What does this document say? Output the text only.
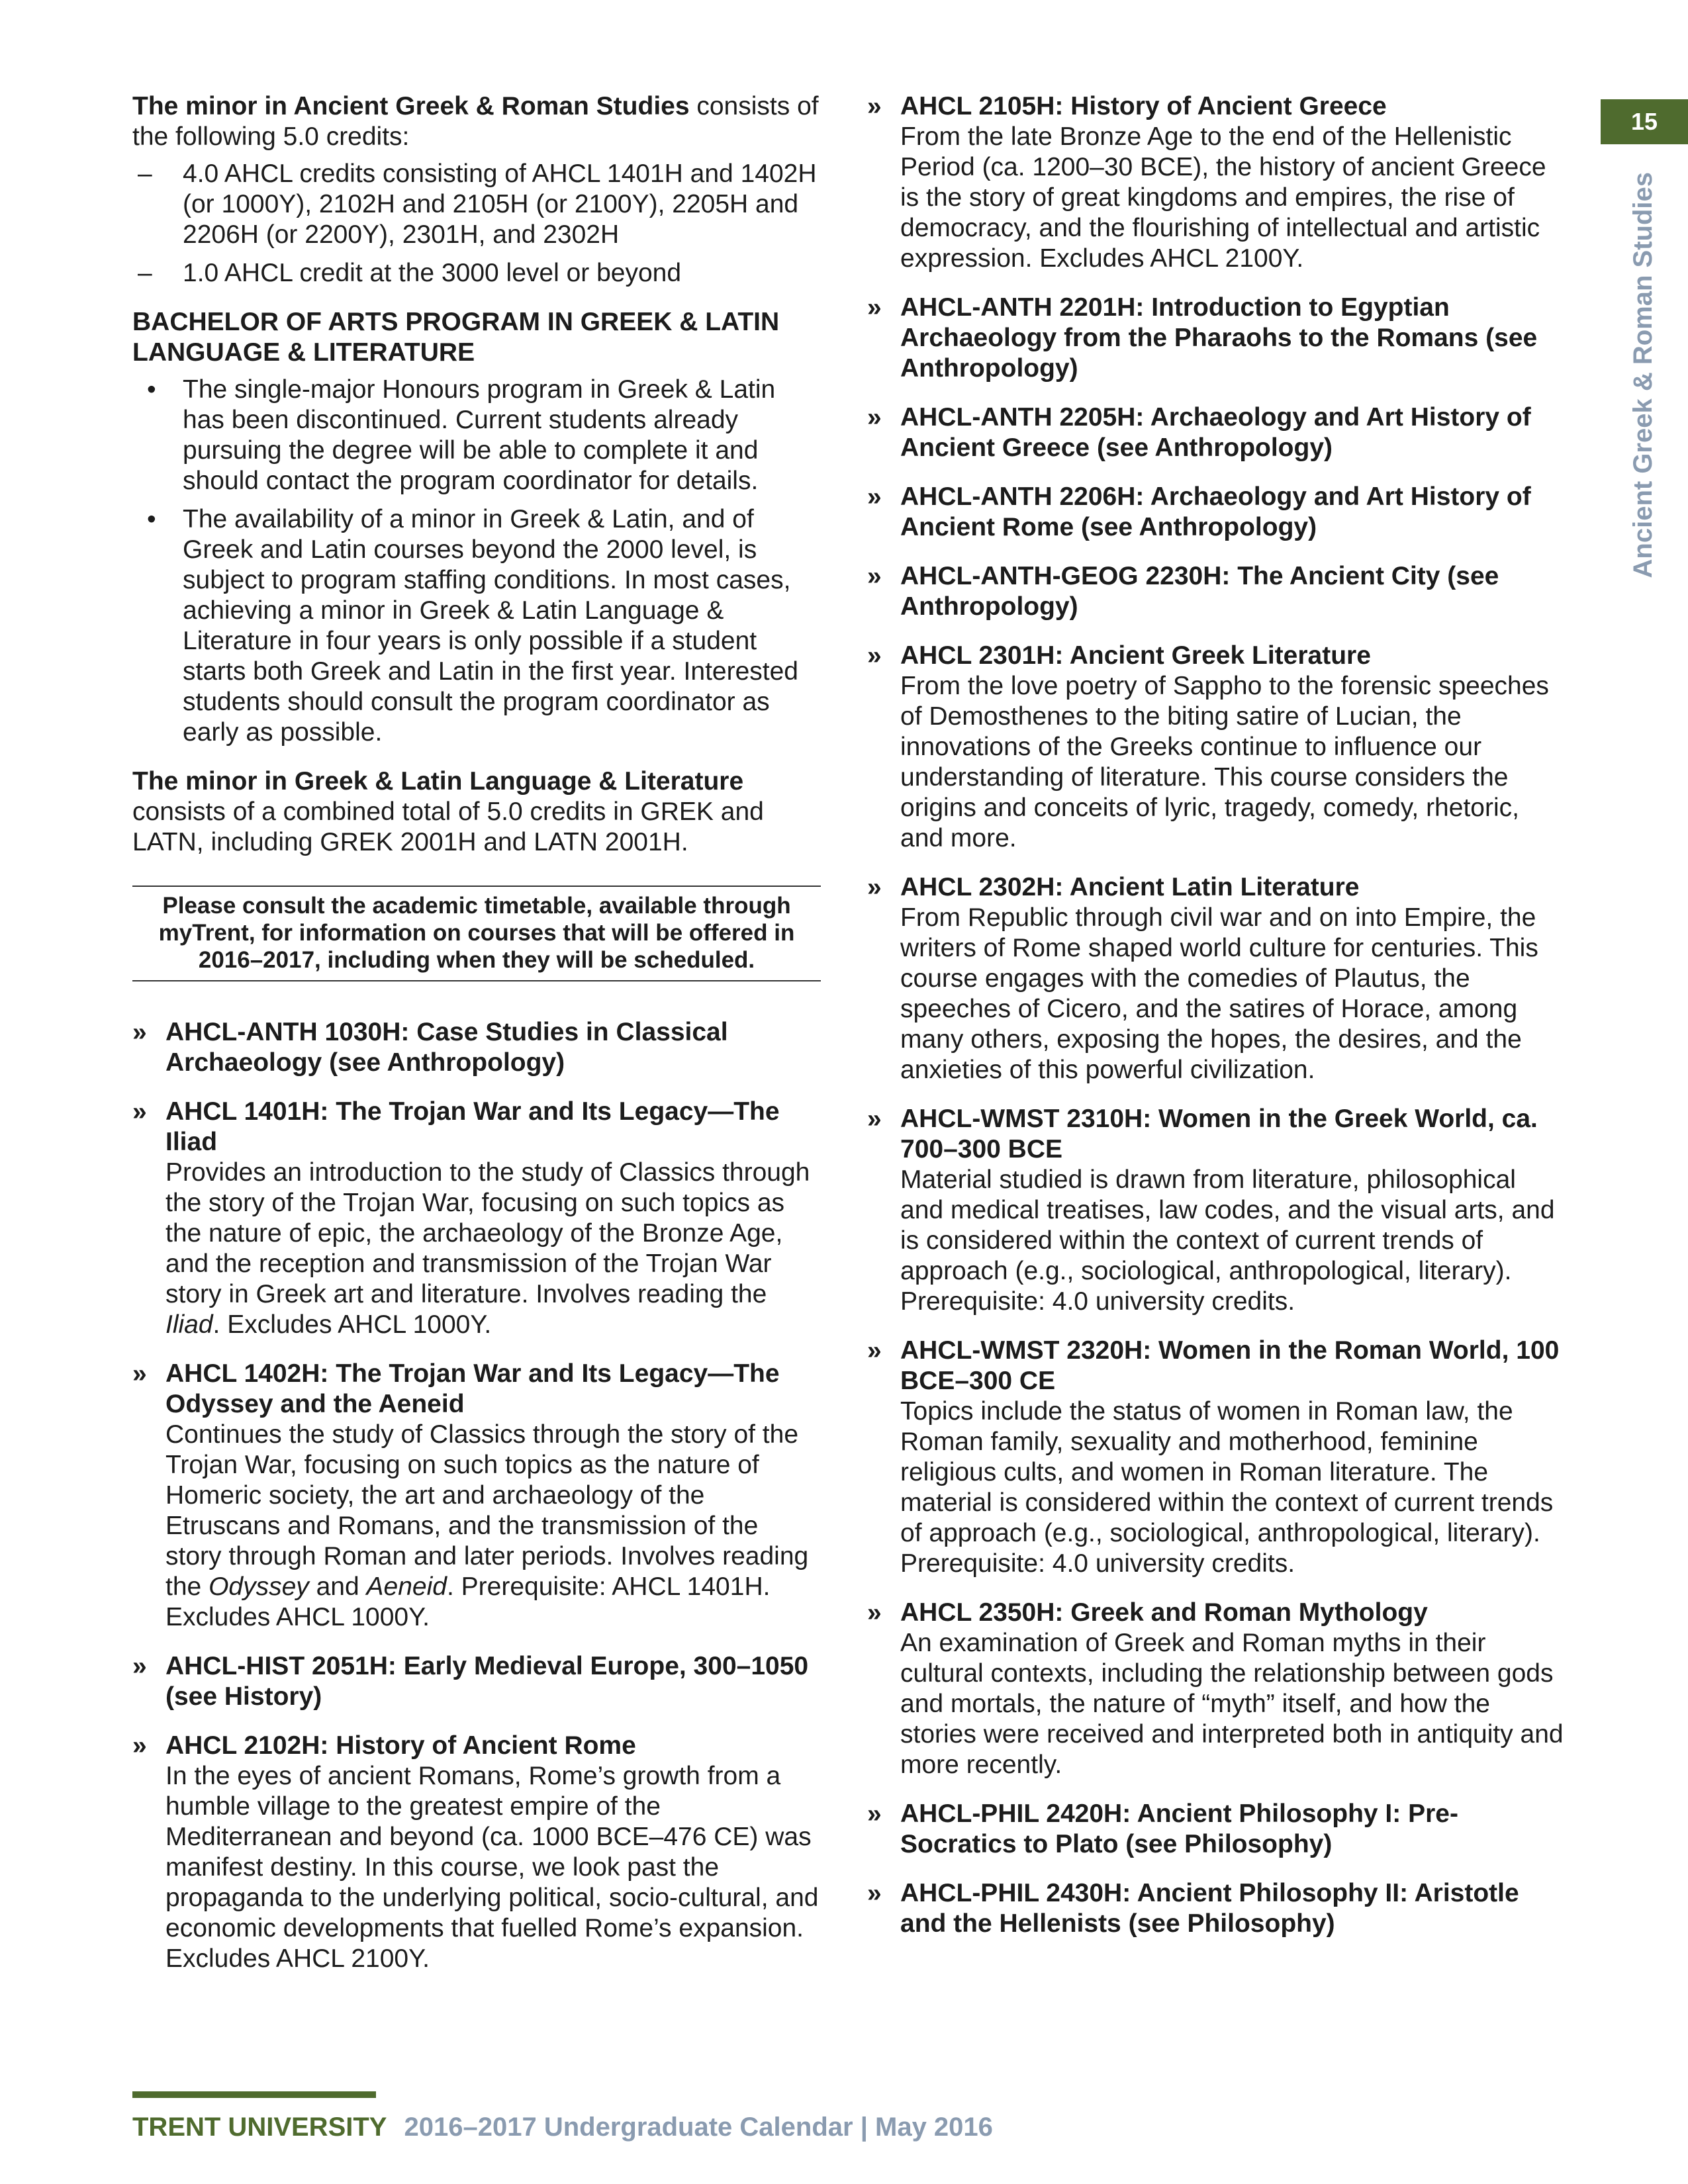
15
Ancient Greek & Roman Studies

The minor in Ancient Greek & Roman Studies consists of the following 5.0 credits:

– 4.0 AHCL credits consisting of AHCL 1401H and 1402H (or 1000Y), 2102H and 2105H (or 2100Y), 2205H and 2206H (or 2200Y), 2301H, and 2302H
– 1.0 AHCL credit at the 3000 level or beyond

BACHELOR OF ARTS PROGRAM IN GREEK & LATIN LANGUAGE & LITERATURE

• The single-major Honours program in Greek & Latin has been discontinued. Current students already pursuing the degree will be able to complete it and should contact the program coordinator for details.
• The availability of a minor in Greek & Latin, and of Greek and Latin courses beyond the 2000 level, is subject to program staffing conditions. In most cases, achieving a minor in Greek & Latin Language & Literature in four years is only possible if a student starts both Greek and Latin in the first year. Interested students should consult the program coordinator as early as possible.

The minor in Greek & Latin Language & Literature consists of a combined total of 5.0 credits in GREK and LATN, including GREK 2001H and LATN 2001H.

Please consult the academic timetable, available through myTrent, for information on courses that will be offered in 2016–2017, including when they will be scheduled.
» AHCL-ANTH 1030H: Case Studies in Classical Archaeology (see Anthropology)
» AHCL 1401H: The Trojan War and Its Legacy—The Iliad
Provides an introduction to the study of Classics through the story of the Trojan War, focusing on such topics as the nature of epic, the archaeology of the Bronze Age, and the reception and transmission of the Trojan War story in Greek art and literature. Involves reading the Iliad. Excludes AHCL 1000Y.
» AHCL 1402H: The Trojan War and Its Legacy—The Odyssey and the Aeneid
Continues the study of Classics through the story of the Trojan War, focusing on such topics as the nature of Homeric society, the art and archaeology of the Etruscans and Romans, and the transmission of the story through Roman and later periods. Involves reading the Odyssey and Aeneid. Prerequisite: AHCL 1401H. Excludes AHCL 1000Y.
» AHCL-HIST 2051H: Early Medieval Europe, 300–1050 (see History)
» AHCL 2102H: History of Ancient Rome
In the eyes of ancient Romans, Rome’s growth from a humble village to the greatest empire of the Mediterranean and beyond (ca. 1000 BCE–476 CE) was manifest destiny. In this course, we look past the propaganda to the underlying political, socio-cultural, and economic developments that fuelled Rome’s expansion. Excludes AHCL 2100Y.
» AHCL 2105H: History of Ancient Greece
From the late Bronze Age to the end of the Hellenistic Period (ca. 1200–30 BCE), the history of ancient Greece is the story of great kingdoms and empires, the rise of democracy, and the flourishing of intellectual and artistic expression. Excludes AHCL 2100Y.
» AHCL-ANTH 2201H: Introduction to Egyptian Archaeology from the Pharaohs to the Romans (see Anthropology)
» AHCL-ANTH 2205H: Archaeology and Art History of Ancient Greece (see Anthropology)
» AHCL-ANTH 2206H: Archaeology and Art History of Ancient Rome (see Anthropology)
» AHCL-ANTH-GEOG 2230H: The Ancient City (see Anthropology)
» AHCL 2301H: Ancient Greek Literature
From the love poetry of Sappho to the forensic speeches of Demosthenes to the biting satire of Lucian, the innovations of the Greeks continue to influence our understanding of literature. This course considers the origins and conceits of lyric, tragedy, comedy, rhetoric, and more.
» AHCL 2302H: Ancient Latin Literature
From Republic through civil war and on into Empire, the writers of Rome shaped world culture for centuries. This course engages with the comedies of Plautus, the speeches of Cicero, and the satires of Horace, among many others, exposing the hopes, the desires, and the anxieties of this powerful civilization.
» AHCL-WMST 2310H: Women in the Greek World, ca. 700–300 BCE
Material studied is drawn from literature, philosophical and medical treatises, law codes, and the visual arts, and is considered within the context of current trends of approach (e.g., sociological, anthropological, literary). Prerequisite: 4.0 university credits.
» AHCL-WMST 2320H: Women in the Roman World, 100 BCE–300 CE
Topics include the status of women in Roman law, the Roman family, sexuality and motherhood, feminine religious cults, and women in Roman literature. The material is considered within the context of current trends of approach (e.g., sociological, anthropological, literary). Prerequisite: 4.0 university credits.
» AHCL 2350H: Greek and Roman Mythology
An examination of Greek and Roman myths in their cultural contexts, including the relationship between gods and mortals, the nature of “myth” itself, and how the stories were received and interpreted both in antiquity and more recently.
» AHCL-PHIL 2420H: Ancient Philosophy I: Pre-Socratics to Plato (see Philosophy)
» AHCL-PHIL 2430H: Ancient Philosophy II: Aristotle and the Hellenists (see Philosophy)
TRENT UNIVERSITY 2016–2017 Undergraduate Calendar | May 2016
